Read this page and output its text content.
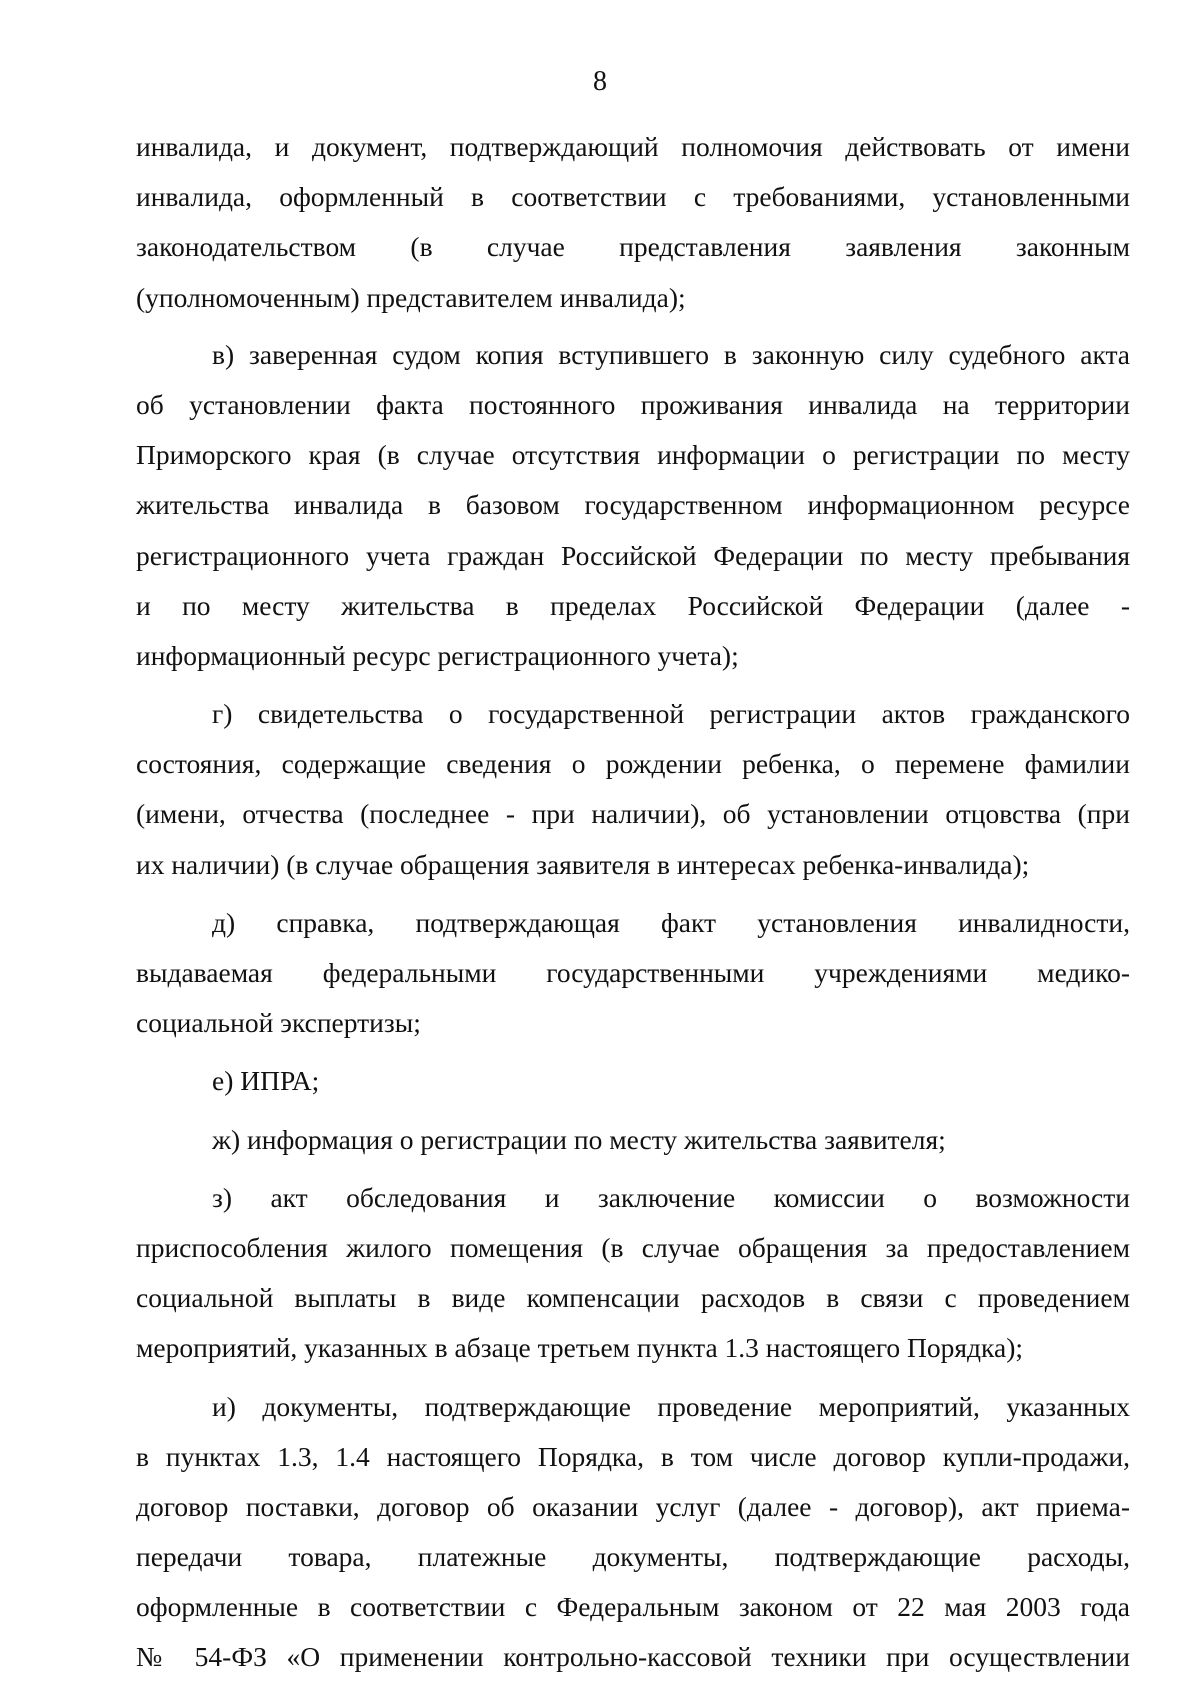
8
инвалида, и документ, подтверждающий полномочия действовать от имени
инвалида, оформленный в соответствии с требованиями, установленными
законодательством (в случае представления заявления законным
(уполномоченным) представителем инвалида);
в) заверенная судом копия вступившего в законную силу судебного акта
об установлении факта постоянного проживания инвалида на территории
Приморского края (в случае отсутствия информации о регистрации по месту
жительства инвалида в базовом государственном информационном ресурсе
регистрационного учета граждан Российской Федерации по месту пребывания
и по месту жительства в пределах Российской Федерации (далее -
информационный ресурс регистрационного учета);
г) свидетельства о государственной регистрации актов гражданского
состояния, содержащие сведения о рождении ребенка, о перемене фамилии
(имени, отчества (последнее - при наличии), об установлении отцовства (при
их наличии) (в случае обращения заявителя в интересах ребенка-инвалида);
д) справка, подтверждающая факт установления инвалидности,
выдаваемая федеральными государственными учреждениями медико-
социальной экспертизы;
е) ИПРА;
ж) информация о регистрации по месту жительства заявителя;
з) акт обследования и заключение комиссии о возможности
приспособления жилого помещения (в случае обращения за предоставлением
социальной выплаты в виде компенсации расходов в связи с проведением
мероприятий, указанных в абзаце третьем пункта 1.3 настоящего Порядка);
и) документы, подтверждающие проведение мероприятий, указанных
в пунктах 1.3, 1.4 настоящего Порядка, в том числе договор купли-продажи,
договор поставки, договор об оказании услуг (далее - договор), акт приема-
передачи товара, платежные документы, подтверждающие расходы,
оформленные в соответствии с Федеральным законом от 22 мая 2003 года
№ 54-ФЗ «О применении контрольно-кассовой техники при осуществлении
